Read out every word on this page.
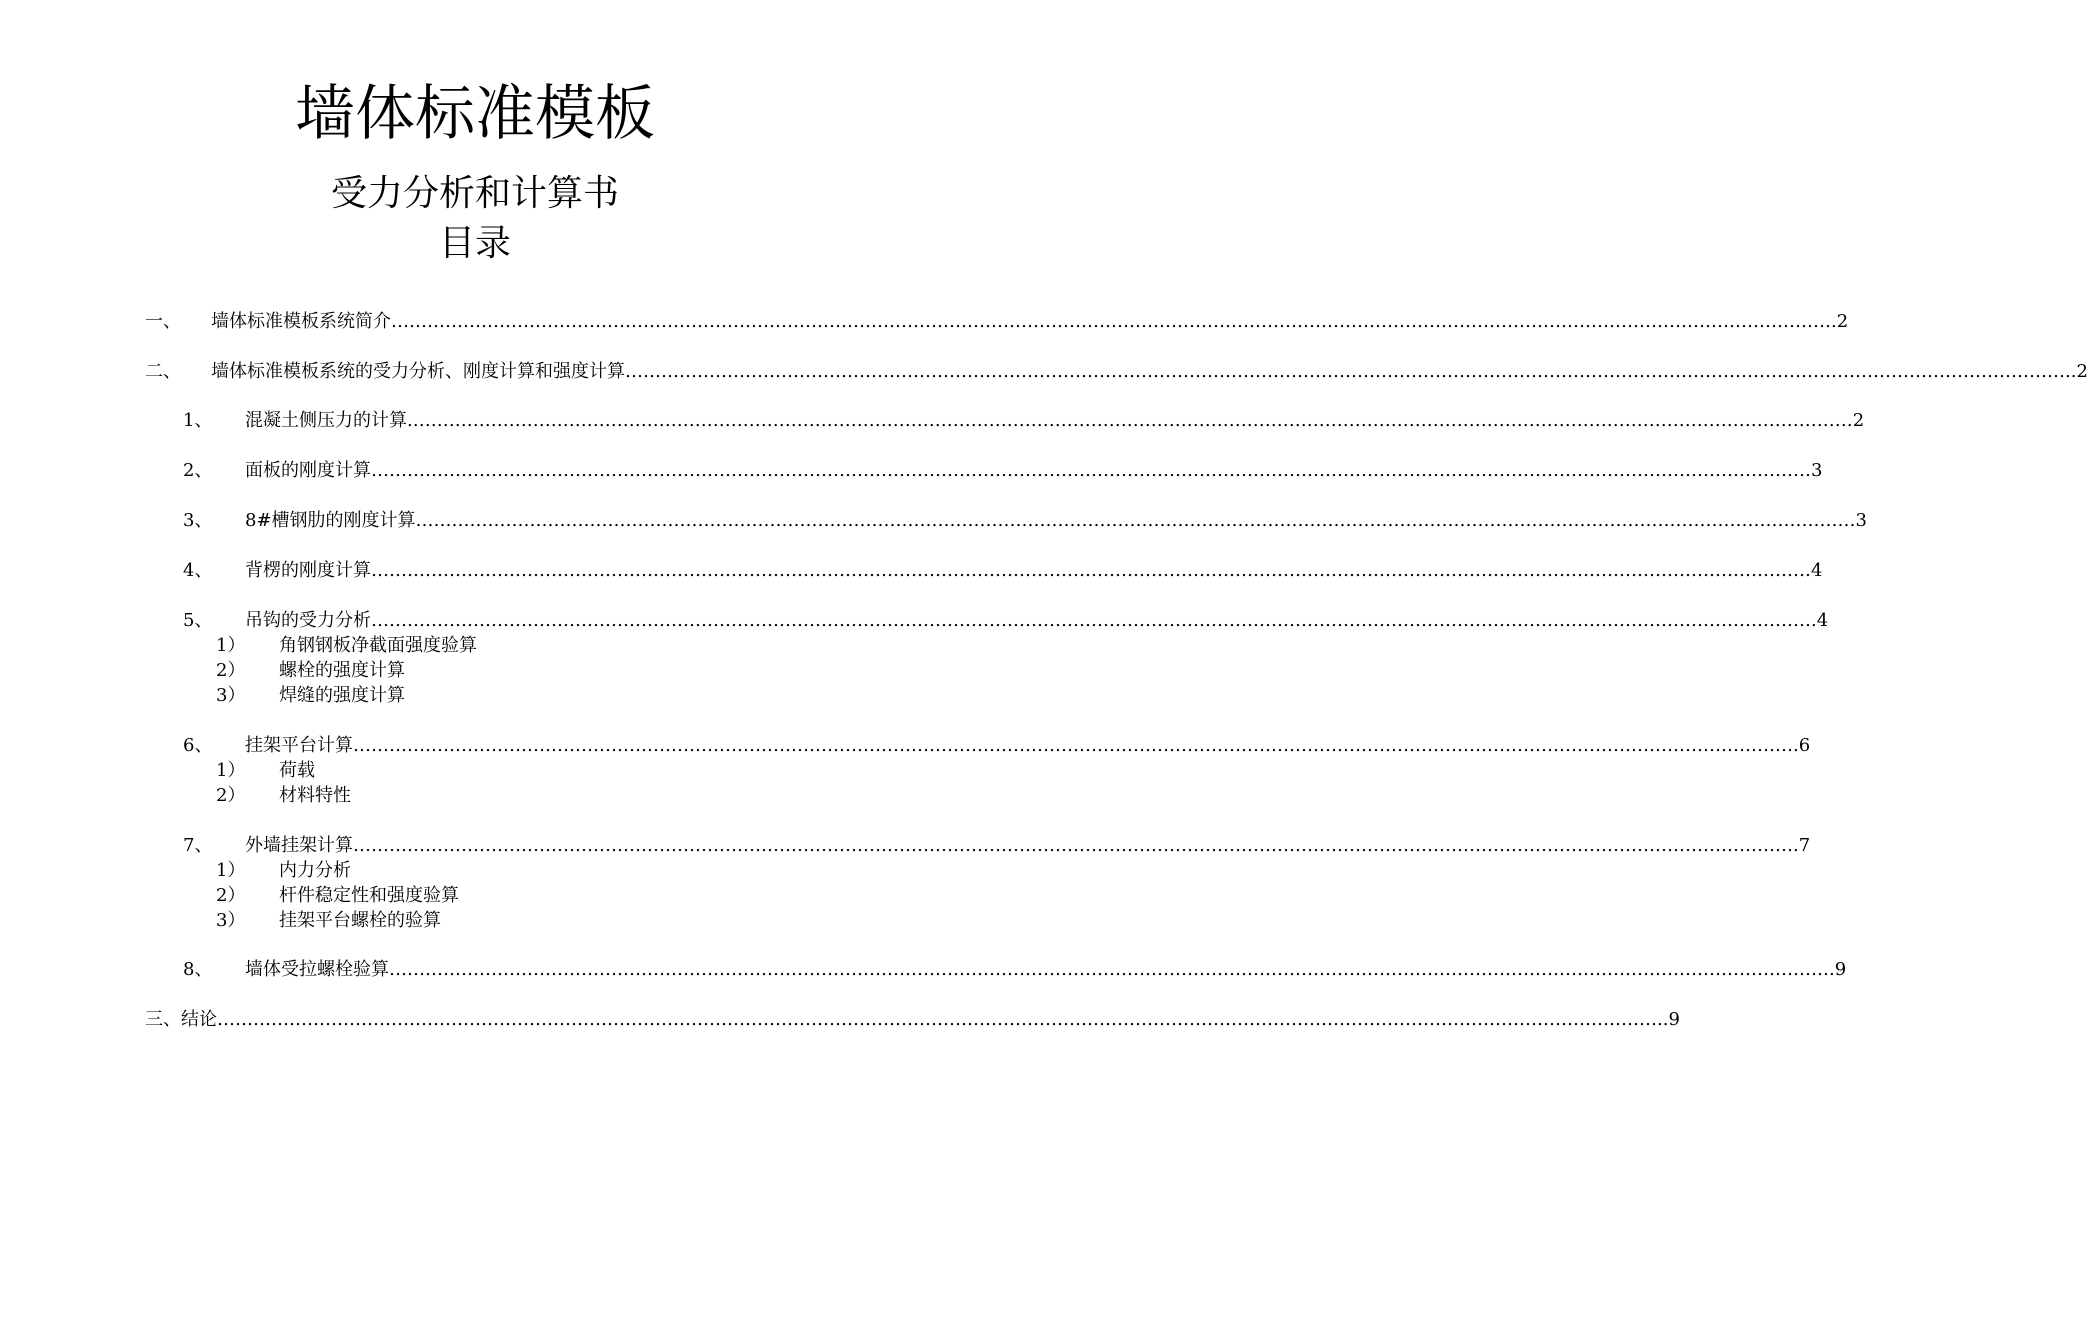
墙体标准模板
受力分析和计算书
目录
一、 墙体标准模板系统简介 …………………………………………………………………………………………………………………………………………………………………………………………………………………… .2
二、 墙体标准模板系统的受力分析、刚度计算和强度计算 …………………………………………………………………………………………………………………………………………………………………………………………………………………… ..2
1、 混凝土侧压力的计算. …………………………………………………………………………………………………………………………………………………………………………………………………………………… 2
2、 面板的刚度计算 …………………………………………………………………………………………………………………………………………………………………………………………………………………… 3
3、 8#槽钢肋的刚度计算 …………………………………………………………………………………………………………………………………………………………………………………………………………………… 3
4、 背楞的刚度计算 …………………………………………………………………………………………………………………………………………………………………………………………………………………… 4
5、 吊钩的受力分析 …………………………………………………………………………………………………………………………………………………………………………………………………………………… .4
1） 角钢钢板净截面强度验算
2） 螺栓的强度计算
3） 焊缝的强度计算
6、 挂架平台计算 …………………………………………………………………………………………………………………………………………………………………………………………………………………… .6
1） 荷载
2） 材料特性
7、 外墙挂架计算 …………………………………………………………………………………………………………………………………………………………………………………………………………………… .7
1） 内力分析
2） 杆件稳定性和强度验算
3） 挂架平台螺栓的验算
8、 墙体受拉螺栓验算 …………………………………………………………………………………………………………………………………………………………………………………………………………………… .9
三、 结论 …………………………………………………………………………………………………………………………………………………………………………………………………………………… ..9
